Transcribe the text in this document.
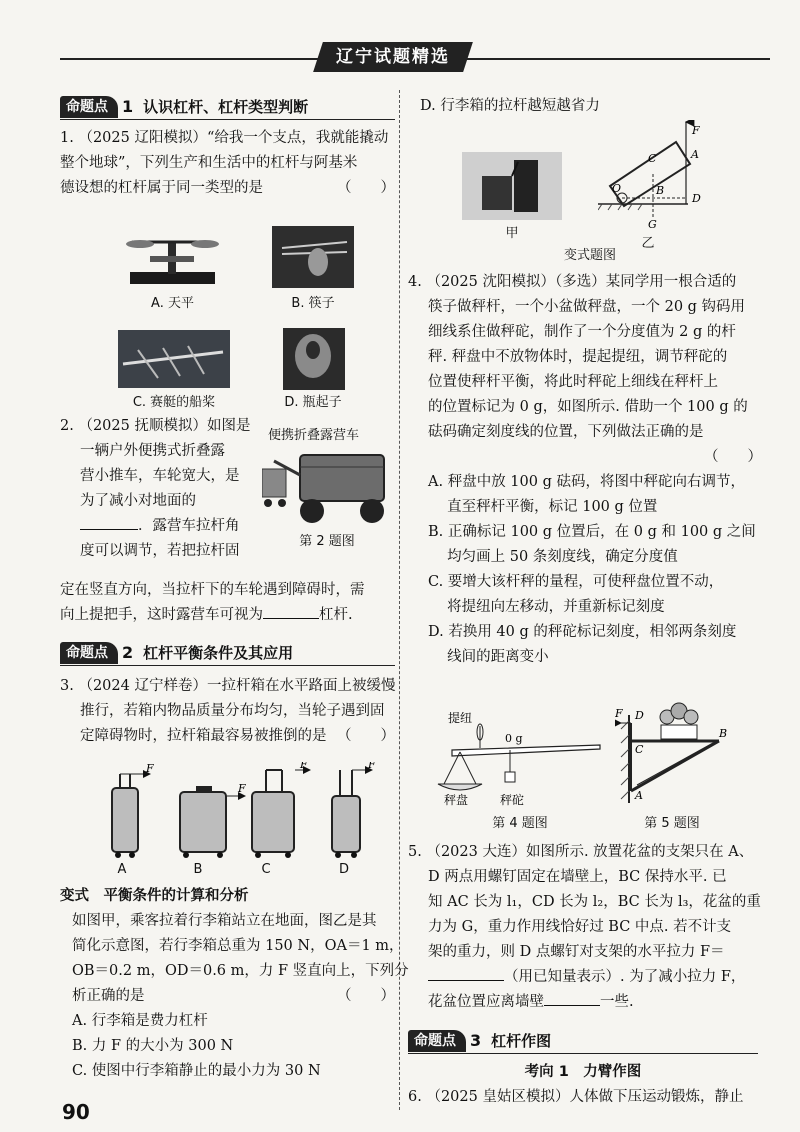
辽宁试题精选
命题点 1 认识杠杆、杠杆类型判断

1. （2025 辽阳模拟）“给我一个支点，我就能撬动

整个地球”，下列生产和生活中的杠杆与阿基米

德设想的杠杆属于同一类型的是	（　　）

A. 天平	B. 筷子
C. 赛艇的船桨	D. 瓶起子

2. （2025 抚顺模拟）如图是

一辆户外便携式折叠露

营小推车，车轮宽大，是

为了减小对地面的

．露营车拉杆角

度可以调节，若把拉杆固

便携折叠露营车
第 2 题图

定在竖直方向，当拉杆下的车轮遇到障碍时，需

向上提把手，这时露营车可视为	杠杆.

命题点 2 杠杆平衡条件及其应用

3. （2024 辽宁样卷）一拉杆箱在水平路面上被缓慢

推行，若箱内物品质量分布均匀，当轮子遇到固

定障碍物时，拉杆箱最容易被推倒的是 （　　）

F
F
F	F
A	B	C	D

变式　平衡条件的计算和分析

如图甲，乘客拉着行李箱站立在地面，图乙是其

简化示意图，若行李箱总重为 150 N，OA＝1 m，

OB＝0.2 m，OD＝0.6 m，力 F 竖直向上，下列分

析正确的是	（　　）

A. 行李箱是费力杠杆

B. 力 F 的大小为 300 N

C. 使图中行李箱静止的最小力为 30 N

90

D. 行李箱的拉杆越短越省力

甲
F
C	A
O	B
D
G
乙
变式题图

4. （2025 沈阳模拟）（多选）某同学用一根合适的

筷子做秤杆，一个小盆做秤盘，一个 20 g 钩码用

细线系住做秤砣，制作了一个分度值为 2 g 的杆

秤. 秤盘中不放物体时，提起提纽，调节秤砣的

位置使秤杆平衡，将此时秤砣上细线在秤杆上

的位置标记为 0 g，如图所示. 借助一个 100 g 的

砝码确定刻度线的位置，下列做法正确的是

（　　）

A. 秤盘中放 100 g 砝码，将图中秤砣向右调节，

　 直至秤杆平衡，标记 100 g 位置

B. 正确标记 100 g 位置后，在 0 g 和 100 g 之间

　 均匀画上 50 条刻度线，确定分度值

C. 要增大该杆秤的量程，可使秤盘位置不动，

　 将提纽向左移动，并重新标记刻度

D. 若换用 40 g 的秤砣标记刻度，相邻两条刻度

　 线间的距离变小

提纽
0 g
秤盘	秤砣
第 4 题图
F D
C
B
A
第 5 题图

5. （2023 大连）如图所示. 放置花盆的支架只在 A、

D 两点用螺钉固定在墙壁上，BC 保持水平. 已

知 AC 长为 l₁，CD 长为 l₂，BC 长为 l₃，花盆的重

力为 G，重力作用线恰好过 BC 中点. 若不计支

架的重力，则 D 点螺钉对支架的水平拉力 F＝

（用已知量表示）. 为了减小拉力 F，

花盆位置应离墙壁	一些.

命题点 3 杠杆作图

考向 1　力臂作图

6. （2025 皇姑区模拟）人体做下压运动锻炼，静止
